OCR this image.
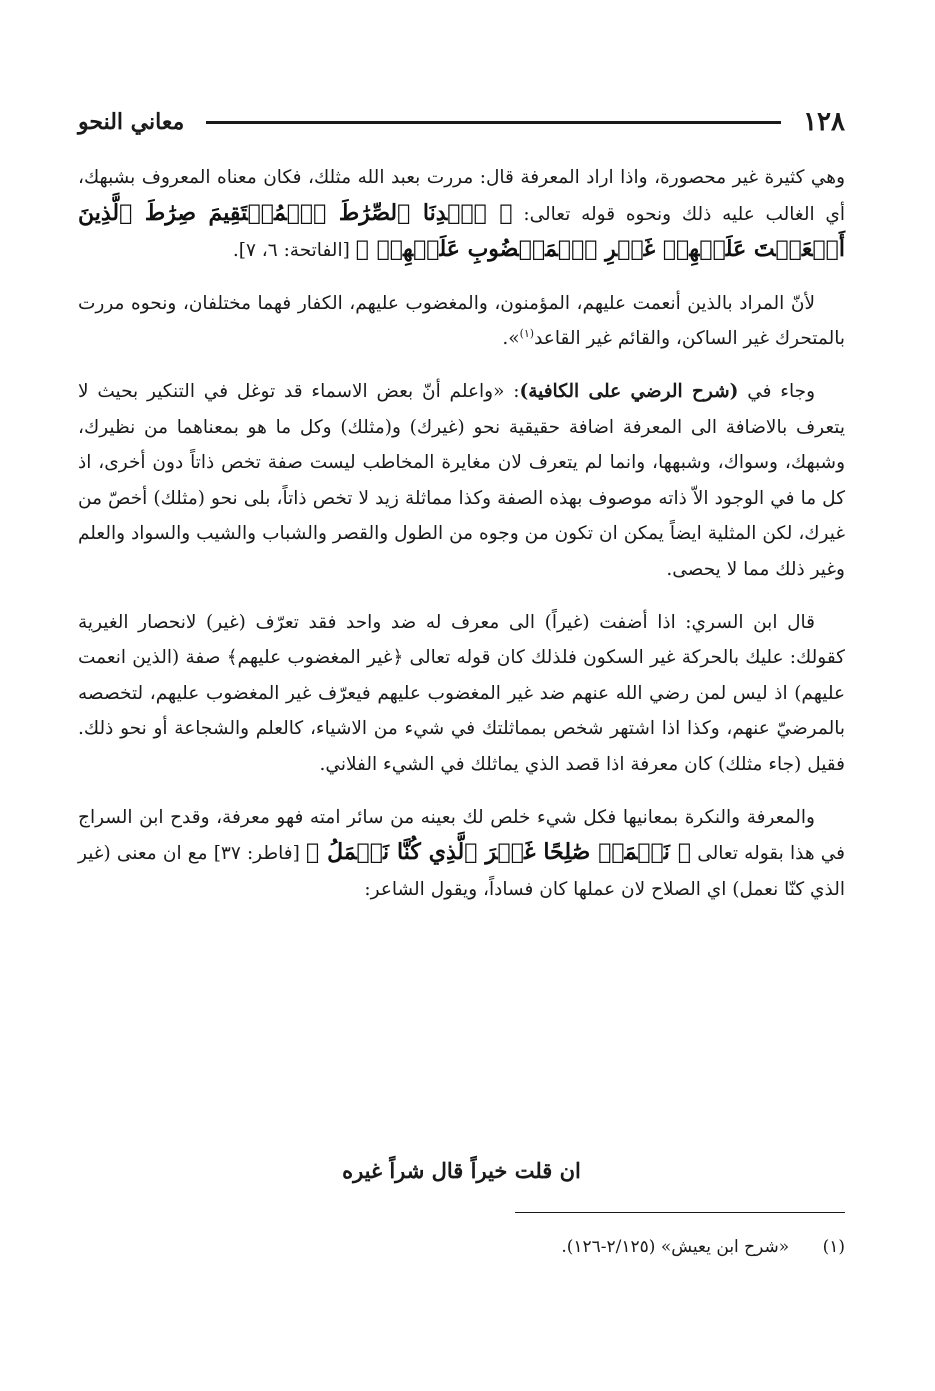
١٢٨
معاني النحو

وهي كثيرة غير محصورة، واذا اراد المعرفة قال: مررت بعبد الله مثلك، فكان معناه المعروف بشبهك، أي الغالب عليه ذلك ونحوه قوله تعالى: ﴿ ٱهۡدِنَا ٱلصِّرَٰطَ ٱلۡمُسۡتَقِيمَ صِرَٰطَ ٱلَّذِينَ أَنۡعَمۡتَ عَلَيۡهِمۡ غَيۡرِ ٱلۡمَغۡضُوبِ عَلَيۡهِمۡ ﴾ [الفاتحة: ٦، ٧].

لأنّ المراد بالذين أنعمت عليهم، المؤمنون، والمغضوب عليهم، الكفار فهما مختلفان، ونحوه مررت بالمتحرك غير الساكن، والقائم غير القاعد$^{(١)}$».

وجاء في (شرح الرضي على الكافية): «واعلم أنّ بعض الاسماء قد توغل في التنكير بحيث لا يتعرف بالاضافة الى المعرفة اضافة حقيقية نحو (غيرك) و(مثلك) وكل ما هو بمعناهما من نظيرك، وشبهك، وسواك، وشبهها، وانما لم يتعرف لان مغايرة المخاطب ليست صفة تخص ذاتاً دون أخرى، اذ كل ما في الوجود الاّ ذاته موصوف بهذه الصفة وكذا مماثلة زيد لا تخص ذاتاً، بلى نحو (مثلك) أخصّ من غيرك، لكن المثلية ايضاً يمكن ان تكون من وجوه من الطول والقصر والشباب والشيب والسواد والعلم وغير ذلك مما لا يحصى.

قال ابن السري: اذا أضفت (غيراً) الى معرف له ضد واحد فقد تعرّف (غير) لانحصار الغيرية كقولك: عليك بالحركة غير السكون فلذلك كان قوله تعالى ﴿غير المغضوب عليهم﴾ صفة (الذين انعمت عليهم) اذ ليس لمن رضي الله عنهم ضد غير المغضوب عليهم فيعرّف غير المغضوب عليهم، لتخصصه بالمرضيّ عنهم، وكذا اذا اشتهر شخص بمماثلتك في شيء من الاشياء، كالعلم والشجاعة أو نحو ذلك. فقيل (جاء مثلك) كان معرفة اذا قصد الذي يماثلك في الشيء الفلاني.

والمعرفة والنكرة بمعانيها فكل شيء خلص لك بعينه من سائر امته فهو معرفة، وقدح ابن السراج في هذا بقوله تعالى ﴿ نَعۡمَلۡ صَٰلِحًا غَيۡرَ ٱلَّذِي كُنَّا نَعۡمَلُ ﴾ [فاطر: ٣٧] مع ان معنى (غير الذي كنّا نعمل) اي الصلاح لان عملها كان فساداً، ويقول الشاعر:

ان قلت خيراً قال شراً غيره
(١) «شرح ابن يعيش» (٢/١٢٥-١٢٦).
